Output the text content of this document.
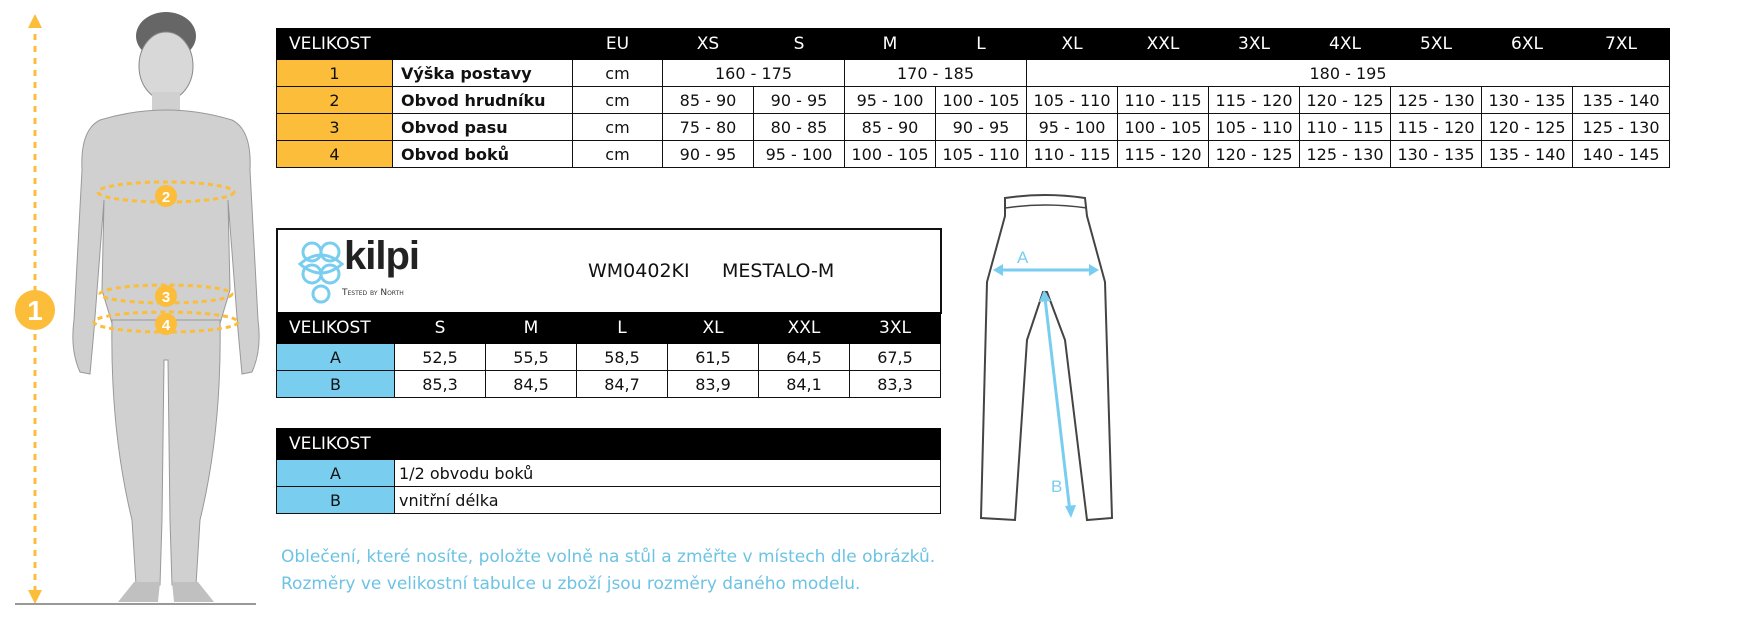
1
2
3
4
VELIKOST		EU	XS	S	M	L	XL	XXL	3XL	4XL	5XL	6XL	7XL
1	Výška postavy	cm	160 - 175		170 - 185		180 - 195						
2	Obvod hrudníku	cm	85 - 90	90 - 95	95 - 100	100 - 105	105 - 110	110 - 115	115 - 120	120 - 125	125 - 130	130 - 135	135 - 140
3	Obvod pasu	cm	75 - 80	80 - 85	85 - 90	90 - 95	95 - 100	100 - 105	105 - 110	110 - 115	115 - 120	120 - 125	125 - 130
4	Obvod boků	cm	90 - 95	95 - 100	100 - 105	105 - 110	110 - 115	115 - 120	120 - 125	125 - 130	130 - 135	135 - 140	140 - 145
kilpi
Tested by North
WM0402KI MESTALO-M
VELIKOST	S	M	L	XL	XXL	3XL
A	52,5	55,5	58,5	61,5	64,5	67,5
B	85,3	84,5	84,7	83,9	84,1	83,3
VELIKOST	
A	1/2 obvodu boků
B	vnitřní délka
A
B
Oblečení, které nosíte, položte volně na stůl a změřte v místech dle obrázků.
Rozměry ve velikostní tabulce u zboží jsou rozměry daného modelu.
